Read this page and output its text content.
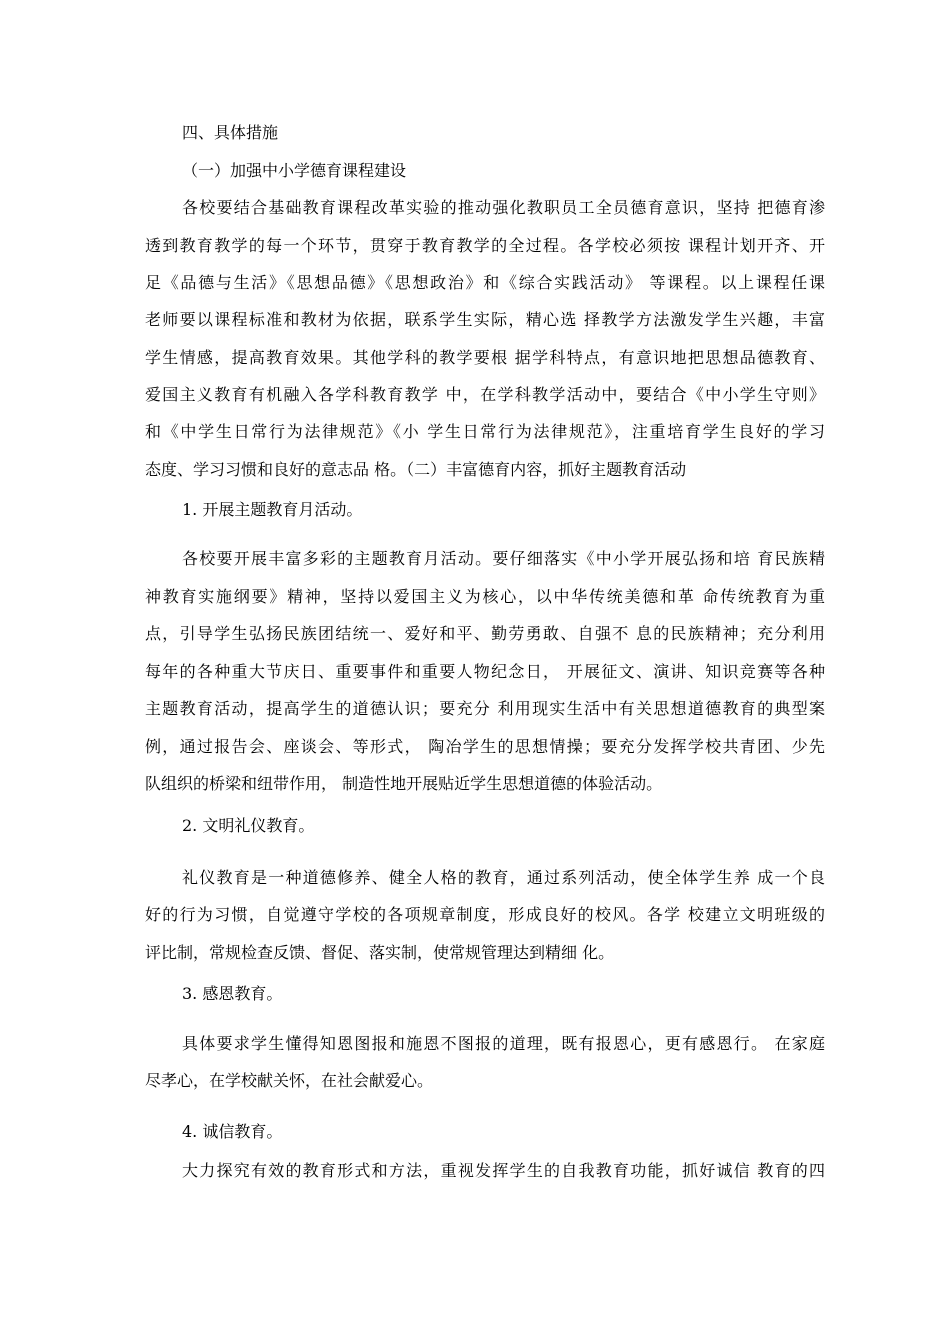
四、具体措施
（一）加强中小学德育课程建设
各校要结合基础教育课程改革实验的推动强化教职员工全员德育意识，坚持 把德育渗
透到教育教学的每一个环节，贯穿于教育教学的全过程。各学校必须按 课程计划开齐、开
足《品德与生活》《思想品德》《思想政治》和《综合实践活动》 等课程。以上课程任课
老师要以课程标准和教材为依据，联系学生实际，精心选 择教学方法激发学生兴趣，丰富
学生情感，提高教育效果。其他学科的教学要根 据学科特点，有意识地把思想品德教育、
爱国主义教育有机融入各学科教育教学 中，在学科教学活动中，要结合《中小学生守则》
和《中学生日常行为法律规范》《小 学生日常行为法律规范》，注重培育学生良好的学习
态度、学习习惯和良好的意志品 格。（二）丰富德育内容，抓好主题教育活动
1. 开展主题教育月活动。
各校要开展丰富多彩的主题教育月活动。要仔细落实《中小学开展弘扬和培 育民族精
神教育实施纲要》精神，坚持以爱国主义为核心，以中华传统美德和革 命传统教育为重
点，引导学生弘扬民族团结统一、爱好和平、勤劳勇敢、自强不 息的民族精神；充分利用
每年的各种重大节庆日、重要事件和重要人物纪念日， 开展征文、演讲、知识竞赛等各种
主题教育活动，提高学生的道德认识；要充分 利用现实生活中有关思想道德教育的典型案
例，通过报告会、座谈会、等形式， 陶冶学生的思想情操；要充分发挥学校共青团、少先
队组织的桥梁和纽带作用， 制造性地开展贴近学生思想道德的体验活动。
2. 文明礼仪教育。
礼仪教育是一种道德修养、健全人格的教育，通过系列活动，使全体学生养 成一个良
好的行为习惯，自觉遵守学校的各项规章制度，形成良好的校风。各学 校建立文明班级的
评比制，常规检查反馈、督促、落实制，使常规管理达到精细 化。
3. 感恩教育。
具体要求学生懂得知恩图报和施恩不图报的道理，既有报恩心，更有感恩行。 在家庭
尽孝心，在学校献关怀，在社会献爱心。
4. 诚信教育。
大力探究有效的教育形式和方法，重视发挥学生的自我教育功能，抓好诚信 教育的四
